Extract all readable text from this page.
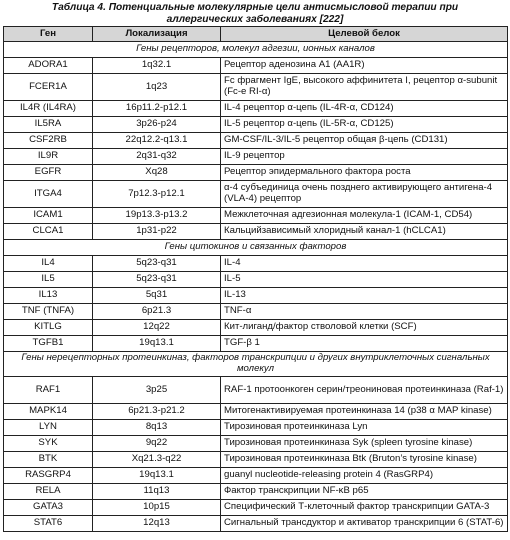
Таблица 4. Потенциальные молекулярные цели антисмысловой терапии при аллергических заболеваниях [222]
Ген	Локализация	Целевой белок
Гены рецепторов, молекул адгезии, ионных каналов		
ADORA1	1q32.1	Рецептор аденозина А1 (AA1R)
FCER1A	1q23	Fc фрагмент IgE, высокого аффинитета I, рецептор α-subunit (Fc-e RI-α)
IL4R (IL4RA)	16p11.2-p12.1	IL-4 рецептор α-цепь (IL-4R-α, CD124)
IL5RA	3p26-p24	IL-5 рецептор α-цепь (IL-5R-α, CD125)
CSF2RB	22q12.2-q13.1	GM-CSF/IL-3/IL-5 рецептор общая β-цепь (CD131)
IL9R	2q31-q32	IL-9 рецептор
EGFR	Xq28	Рецептор эпидермального фактора роста
ITGA4	7p12.3-p12.1	α-4 субъединица очень позднего активирующего антигена-4 (VLA-4) рецептор
ICAM1	19p13.3-p13.2	Межклеточная адгезионная молекула-1 (ICAM-1, CD54)
CLCA1	1p31-p22	Кальцийзависимый хлоридный канал-1 (hCLCA1)
Гены цитокинов и связанных факторов		
IL4	5q23-q31	IL-4
IL5	5q23-q31	IL-5
IL13	5q31	IL-13
TNF (TNFA)	6p21.3	TNF-α
KITLG	12q22	Кит-лиганд/фактор стволовой клетки (SCF)
TGFB1	19q13.1	TGF-β 1
Гены нерецепторных протеинкиназ, факторов транскрипции и других внутриклеточных сигнальных молекул		
RAF1	3p25	RAF-1 протоонкоген серин/треониновая протеинкиназа (Raf-1)
MAPK14	6p21.3-p21.2	Митогенактивируемая протеинкиназа 14 (p38 α MAP kinase)
LYN	8q13	Тирозиновая протеинкиназа Lyn
SYK	9q22	Тирозиновая протеинкиназа Syk (spleen tyrosine kinase)
BTK	Xq21.3-q22	Тирозиновая протеинкиназа Btk (Bruton’s tyrosine kinase)
RASGRP4	19q13.1	guanyl nucleotide-releasing protein 4 (RasGRP4)
RELA	11q13	Фактор транскрипции NF-κB p65
GATA3	10p15	Специфический Т-клеточный фактор транскрипции GATA-3
STAT6	12q13	Сигнальный трансдуктор и активатор транскрипции 6 (STAT-6)
